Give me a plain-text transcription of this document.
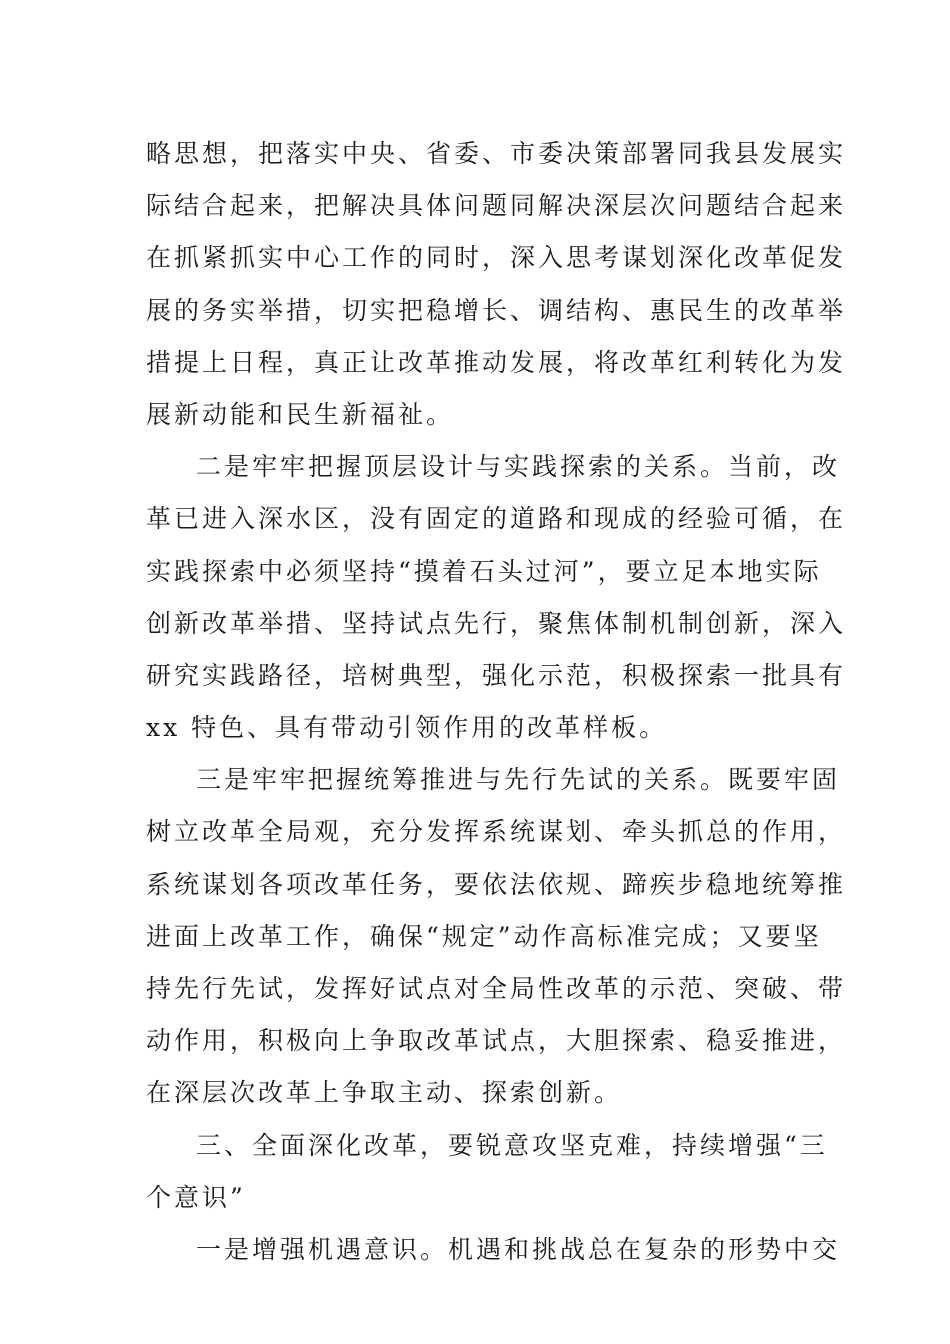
略思想，把落实中央、省委、市委决策部署同我县发展实
际结合起来，把解决具体问题同解决深层次问题结合起来
在抓紧抓实中心工作的同时，深入思考谋划深化改革促发
展的务实举措，切实把稳增长、调结构、惠民生的改革举
措提上日程，真正让改革推动发展，将改革红利转化为发
展新动能和民生新福祉。
二是牢牢把握顶层设计与实践探索的关系。当前，改
革已进入深水区，没有固定的道路和现成的经验可循，在
实践探索中必须坚持“摸着石头过河”，要立足本地实际
创新改革举措、坚持试点先行，聚焦体制机制创新，深入
研究实践路径，培树典型，强化示范，积极探索一批具有
xx 特色、具有带动引领作用的改革样板。
三是牢牢把握统筹推进与先行先试的关系。既要牢固
树立改革全局观，充分发挥系统谋划、牵头抓总的作用，
系统谋划各项改革任务，要依法依规、蹄疾步稳地统筹推
进面上改革工作，确保“规定”动作高标准完成；又要坚
持先行先试，发挥好试点对全局性改革的示范、突破、带
动作用，积极向上争取改革试点，大胆探索、稳妥推进，
在深层次改革上争取主动、探索创新。
三、全面深化改革，要锐意攻坚克难，持续增强“三
个意识”
一是增强机遇意识。机遇和挑战总在复杂的形势中交
